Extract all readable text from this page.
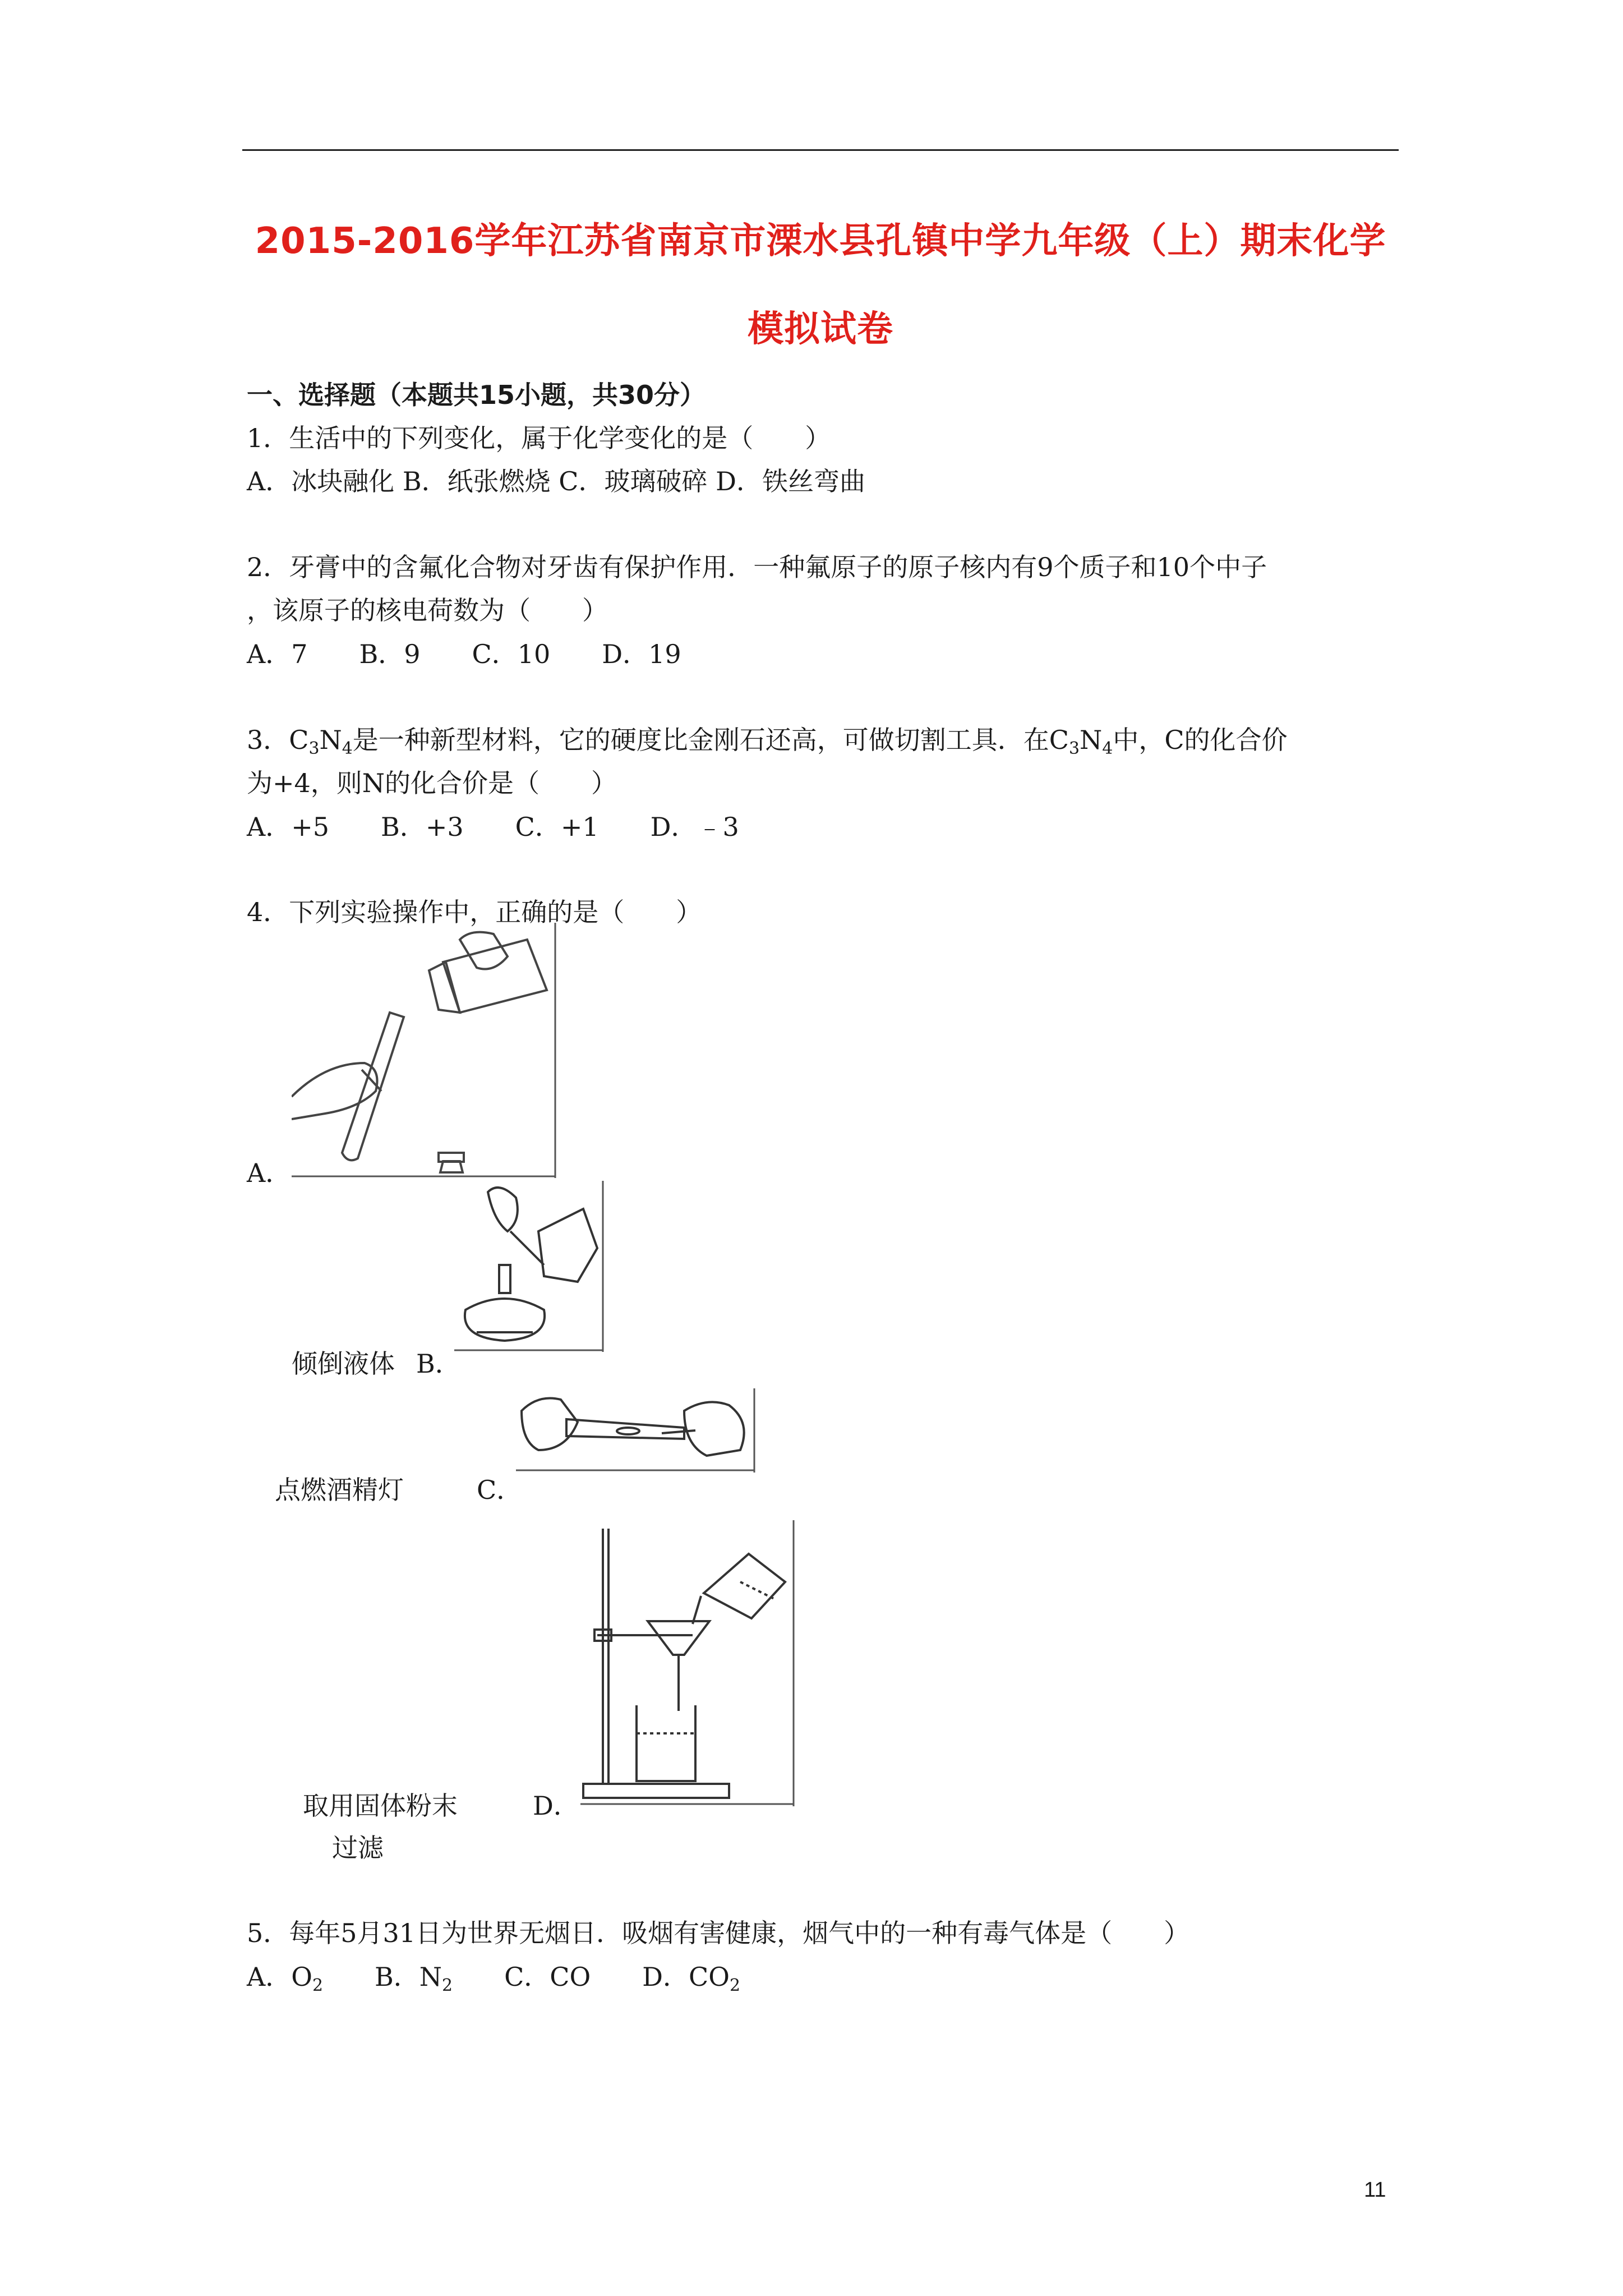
2015-2016学年江苏省南京市溧水县孔镇中学九年级（上）期末化学
模拟试卷
一、选择题（本题共15小题，共30分）
1．生活中的下列变化，属于化学变化的是（　　）
A．冰块融化 B．纸张燃烧 C．玻璃破碎 D．铁丝弯曲
2．牙膏中的含氟化合物对牙齿有保护作用．一种氟原子的原子核内有9个质子和10个中子
，该原子的核电荷数为（　　）
A．7　　B．9　　C．10　　D．19
3．$C_3N_4$是一种新型材料，它的硬度比金刚石还高，可做切割工具．在$C_3N_4$中，C的化合价
为+4，则N的化合价是（　　）
A．+5　　B．+3　　C．+1　　D．﹣3
4．下列实验操作中，正确的是（　　）
A．
倾倒液体 B．
点燃酒精灯	C．
取用固体粉末	D．
过滤
5．每年5月31日为世界无烟日．吸烟有害健康，烟气中的一种有毒气体是（　　）
A．$O_2$　　 B．$N_2$　　 C．CO　　 D．$CO_2$
11
